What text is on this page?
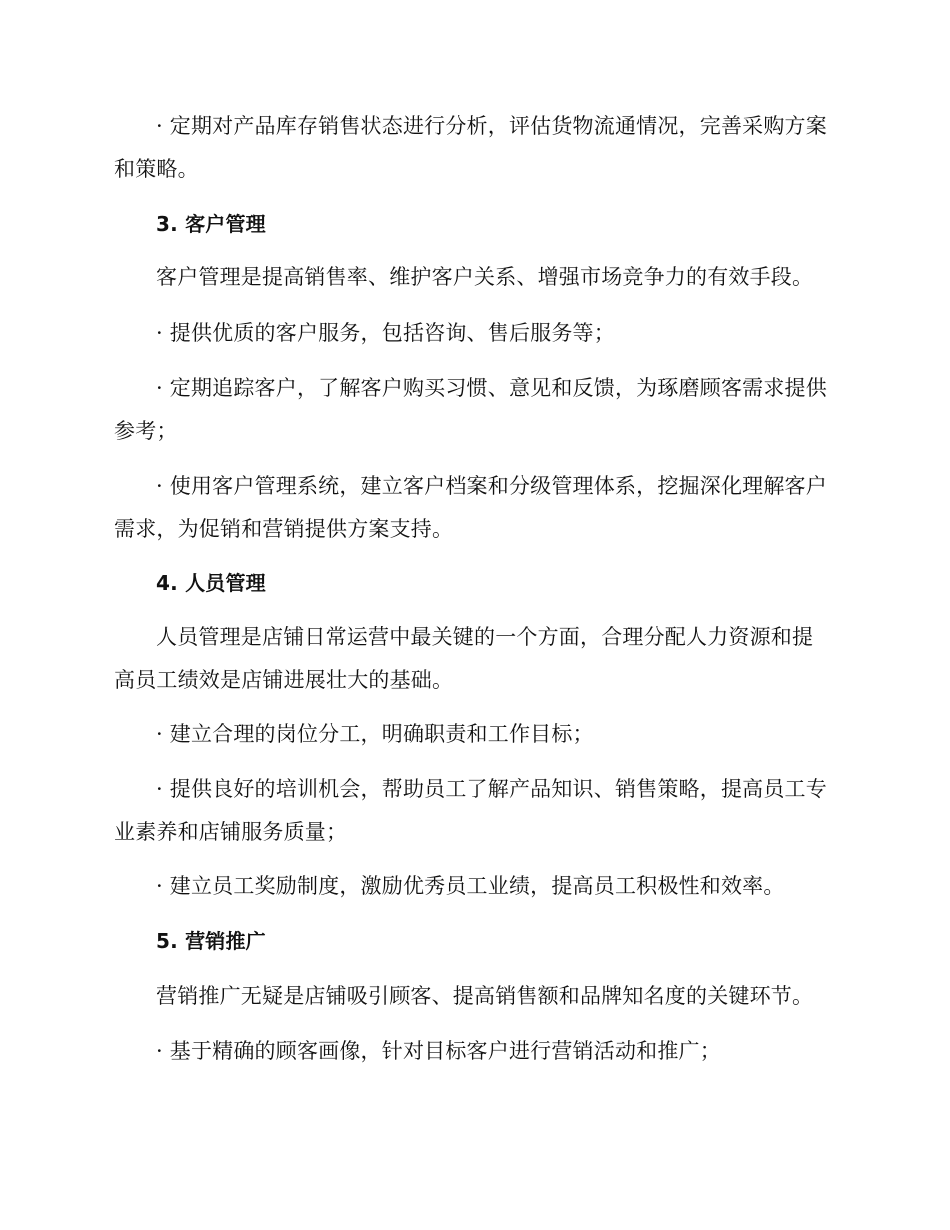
· 定期对产品库存销售状态进行分析，评估货物流通情况，完善采购方案和策略。

3. 客户管理

客户管理是提高销售率、维护客户关系、增强市场竞争力的有效手段。

· 提供优质的客户服务，包括咨询、售后服务等；

· 定期追踪客户，了解客户购买习惯、意见和反馈，为琢磨顾客需求提供参考；

· 使用客户管理系统，建立客户档案和分级管理体系，挖掘深化理解客户需求，为促销和营销提供方案支持。

4. 人员管理

人员管理是店铺日常运营中最关键的一个方面，合理分配人力资源和提高员工绩效是店铺进展壮大的基础。

· 建立合理的岗位分工，明确职责和工作目标；

· 提供良好的培训机会，帮助员工了解产品知识、销售策略，提高员工专业素养和店铺服务质量；

· 建立员工奖励制度，激励优秀员工业绩，提高员工积极性和效率。

5. 营销推广

营销推广无疑是店铺吸引顾客、提高销售额和品牌知名度的关键环节。

· 基于精确的顾客画像，针对目标客户进行营销活动和推广；
